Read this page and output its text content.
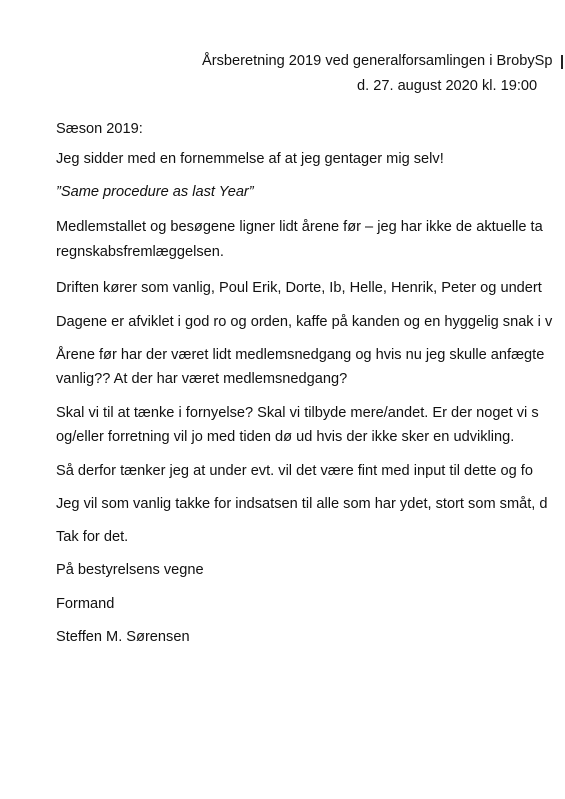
Årsberetning 2019 ved generalforsamlingen i BrobySp
d. 27. august 2020 kl. 19:00
Sæson 2019:
Jeg sidder med en fornemmelse af at jeg gentager mig selv!
”Same procedure as last Year”
Medlemstallet og besøgene ligner lidt årene før – jeg har ikke de aktuelle ta
regnskabsfremlæggelsen.
Driften kører som vanlig, Poul Erik, Dorte, Ib, Helle, Henrik, Peter og undert
Dagene er afviklet i god ro og orden, kaffe på kanden og en hyggelig snak i v
Årene før har der været lidt medlemsnedgang og hvis nu jeg skulle anfægte
vanlig?? At der har været medlemsnedgang?
Skal vi til at tænke i fornyelse? Skal vi tilbyde mere/andet. Er der noget vi s
og/eller forretning vil jo med tiden dø ud hvis der ikke sker en udvikling.
Så derfor tænker jeg at under evt. vil det være fint med input til dette og fo
Jeg vil som vanlig takke for indsatsen til alle som har ydet, stort som småt, d
Tak for det.
På bestyrelsens vegne
Formand
Steffen M. Sørensen
